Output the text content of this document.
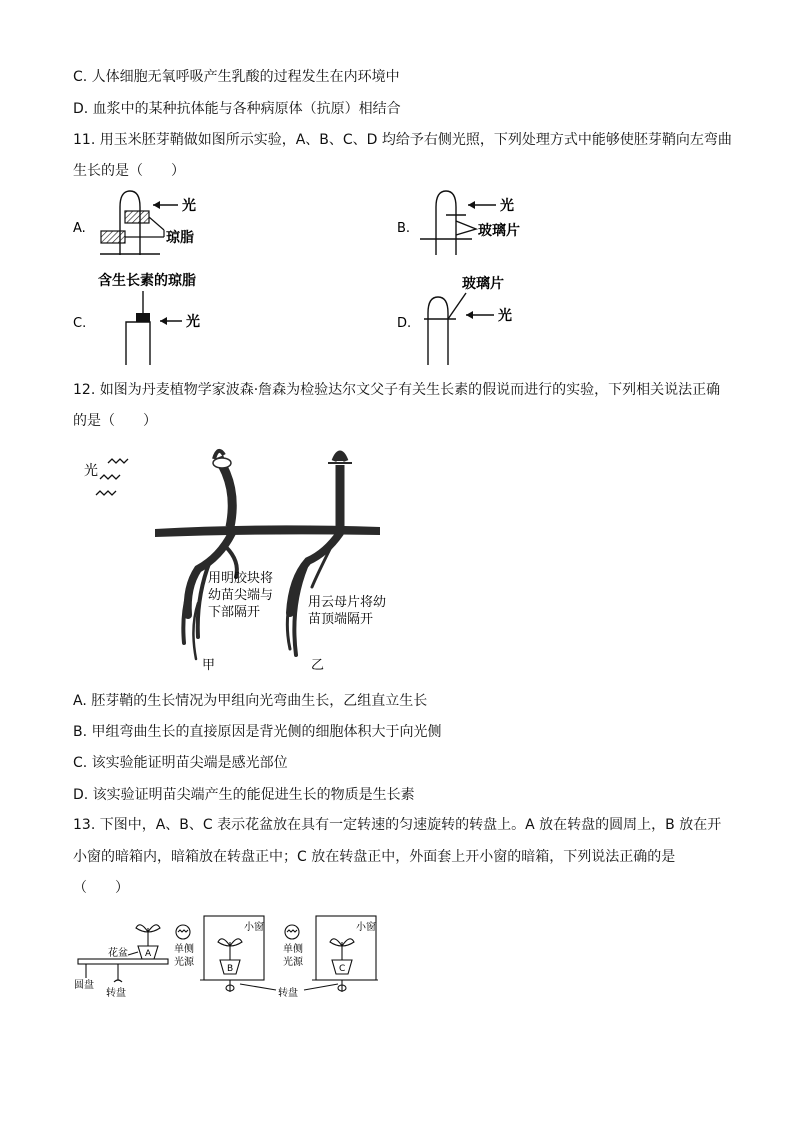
C. 人体细胞无氧呼吸产生乳酸的过程发生在内环境中
D. 血浆中的某种抗体能与各种病原体（抗原）相结合
11. 用玉米胚芽鞘做如图所示实验，A、B、C、D 均给予右侧光照，下列处理方式中能够使胚芽鞘向左弯曲
生长的是（　　）
A.
光
琼脂
B.
光
玻璃片
C.
含生长素的琼脂
光	D.
玻璃片
光
12. 如图为丹麦植物学家波森·詹森为检验达尔文父子有关生长素的假说而进行的实验，下列相关说法正确
的是（　　）
光
用明胶块将 幼苗尖端与 下部隔开
用云母片将幼 苗顶端隔开
甲	乙
A. 胚芽鞘的生长情况为甲组向光弯曲生长，乙组直立生长
B. 甲组弯曲生长的直接原因是背光侧的细胞体积大于向光侧
C. 该实验能证明苗尖端是感光部位
D. 该实验证明苗尖端产生的能促进生长的物质是生长素
13. 下图中，A、B、C 表示花盆放在具有一定转速的匀速旋转的转盘上。A 放在转盘的圆周上，B 放在开
小窗的暗箱内，暗箱放在转盘正中；C 放在转盘正中，外面套上开小窗的暗箱，下列说法正确的是
（　　）
花盆 A
圆盘
转盘
单侧 光源
小窗
B
单侧 光源
小窗
C
转盘
